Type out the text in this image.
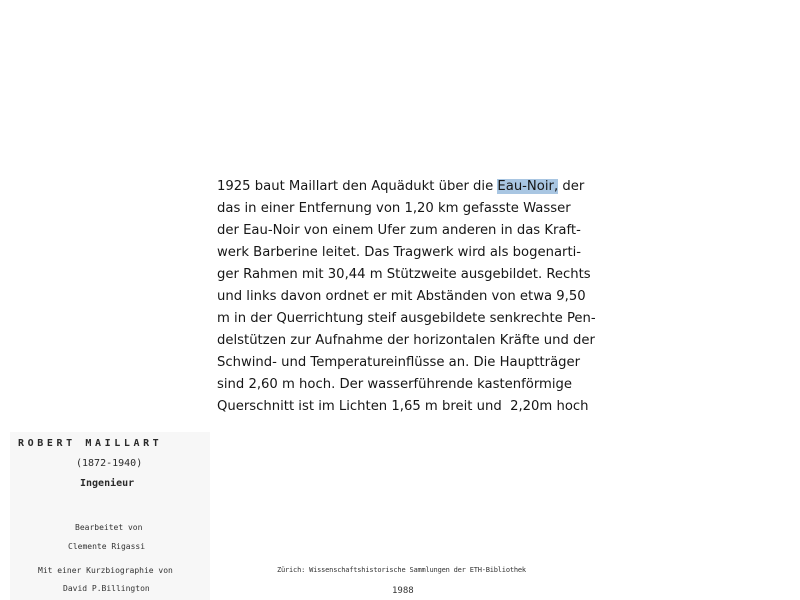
1925 baut Maillart den Aquädukt über die Eau-Noir, der
das in einer Entfernung von 1,20 km gefasste Wasser
der Eau-Noir von einem Ufer zum anderen in das Kraft-
werk Barberine leitet. Das Tragwerk wird als bogenarti-
ger Rahmen mit 30,44 m Stützweite ausgebildet. Rechts
und links davon ordnet er mit Abständen von etwa 9,50
m in der Querrichtung steif ausgebildete senkrechte Pen-
delstützen zur Aufnahme der horizontalen Kräfte und der
Schwind- und Temperatureinflüsse an. Die Hauptträger
sind 2,60 m hoch. Der wasserführende kastenförmige
Querschnitt ist im Lichten 1,65 m breit und  2,20m hoch
ROBERT MAILLART
(1872-1940)
Ingenieur
Bearbeitet von
Clemente Rigassi
Mit einer Kurzbiographie von
David P.Billington
Zürich: Wissenschaftshistorische Sammlungen der ETH-Bibliothek
1988
